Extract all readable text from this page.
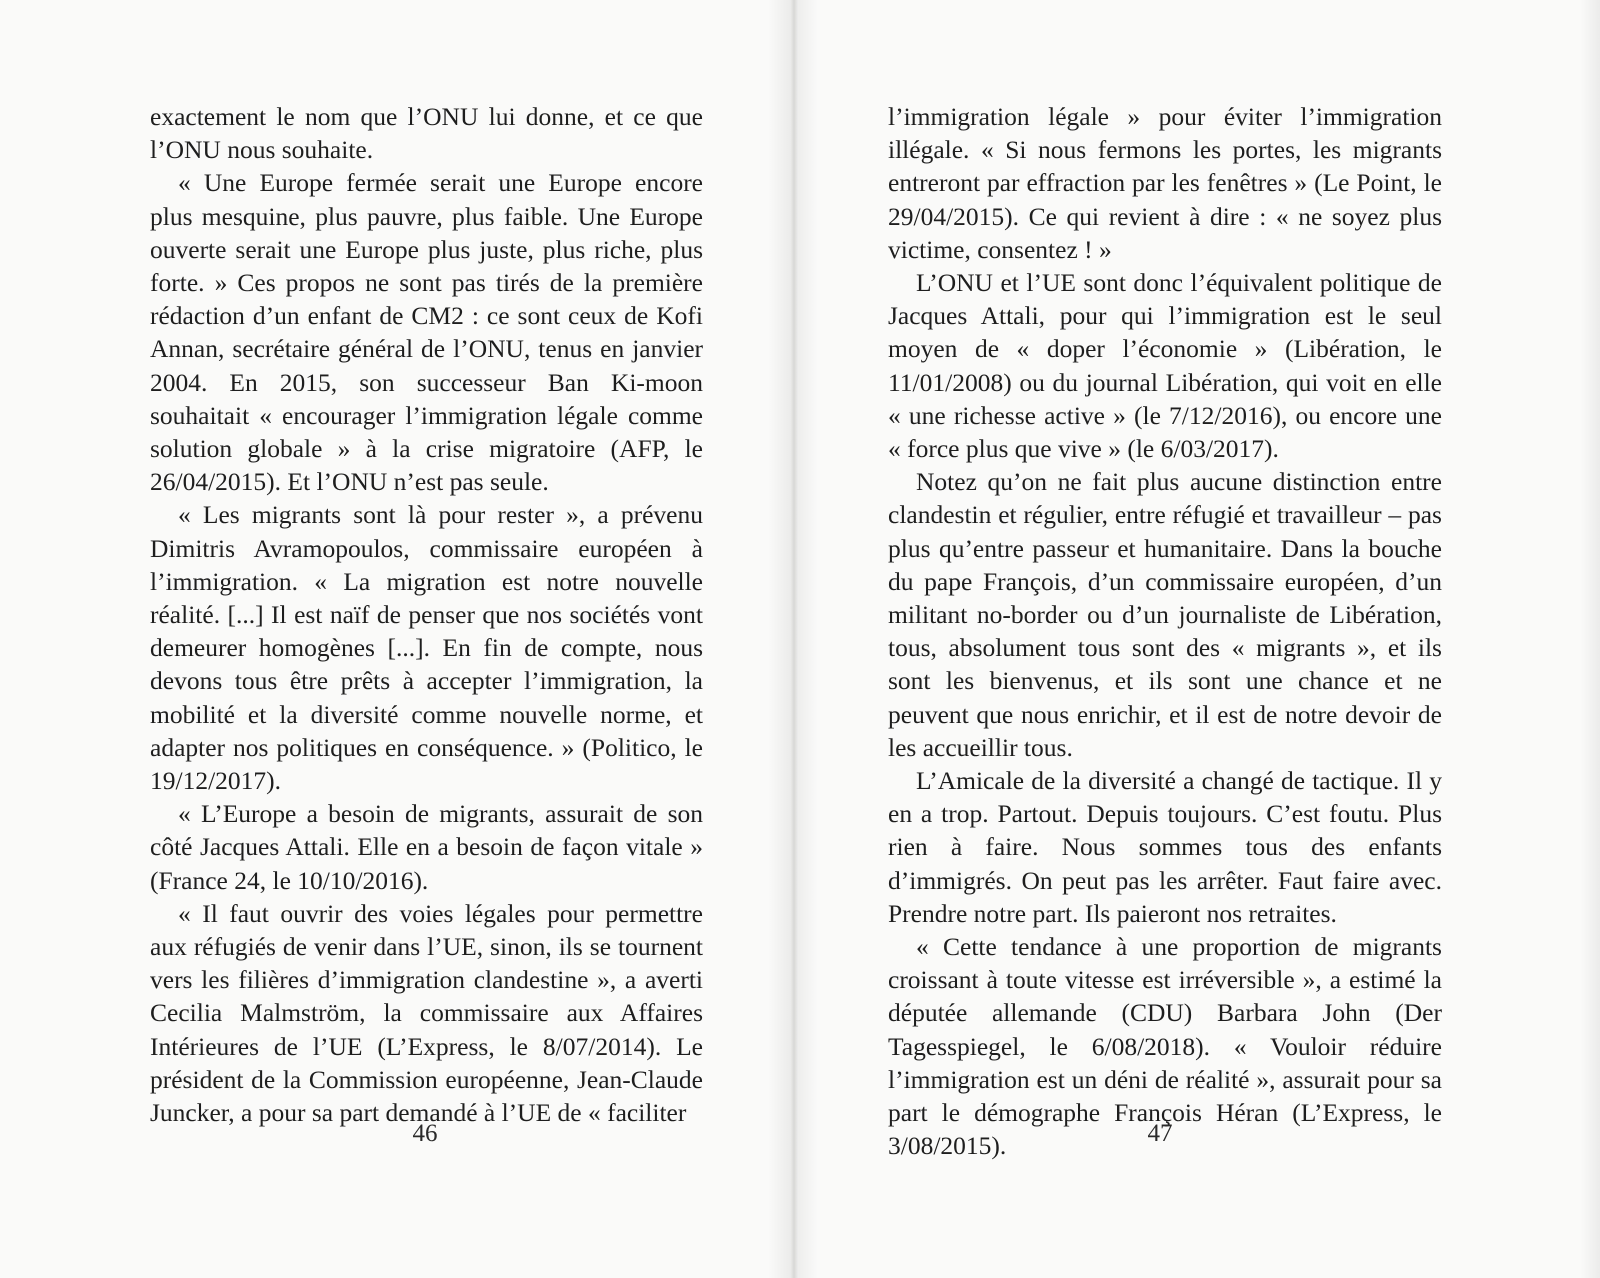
exactement le nom que l’ONU lui donne, et ce que l’ONU nous souhaite.

« Une Europe fermée serait une Europe encore plus mesquine, plus pauvre, plus faible. Une Europe ouverte serait une Europe plus juste, plus riche, plus forte. » Ces propos ne sont pas tirés de la première rédaction d’un enfant de CM2 : ce sont ceux de Kofi Annan, secrétaire général de l’ONU, tenus en janvier 2004. En 2015, son successeur Ban Ki-moon souhaitait « encourager l’immigration légale comme solution globale » à la crise migratoire (AFP, le 26/04/2015). Et l’ONU n’est pas seule.

« Les migrants sont là pour rester », a prévenu Dimitris Avramopoulos, commissaire européen à l’immigration. « La migration est notre nouvelle réalité. [...] Il est naïf de penser que nos sociétés vont demeurer homogènes [...]. En fin de compte, nous devons tous être prêts à accepter l’immigration, la mobilité et la diversité comme nouvelle norme, et adapter nos politiques en conséquence. » (Politico, le 19/12/2017).

« L’Europe a besoin de migrants, assurait de son côté Jacques Attali. Elle en a besoin de façon vitale » (France 24, le 10/10/2016).

« Il faut ouvrir des voies légales pour permettre aux réfugiés de venir dans l’UE, sinon, ils se tournent vers les filières d’immigration clandestine », a averti Cecilia Malmström, la commissaire aux Affaires Intérieures de l’UE (L’Express, le 8/07/2014). Le président de la Commission européenne, Jean-Claude Juncker, a pour sa part demandé à l’UE de « faciliter

46

l’immigration légale » pour éviter l’immigration illégale. « Si nous fermons les portes, les migrants entreront par effraction par les fenêtres » (Le Point, le 29/04/2015). Ce qui revient à dire : « ne soyez plus victime, consentez ! »

L’ONU et l’UE sont donc l’équivalent politique de Jacques Attali, pour qui l’immigration est le seul moyen de « doper l’économie » (Libération, le 11/01/2008) ou du journal Libération, qui voit en elle « une richesse active » (le 7/12/2016), ou encore une « force plus que vive » (le 6/03/2017).

Notez qu’on ne fait plus aucune distinction entre clandestin et régulier, entre réfugié et travailleur – pas plus qu’entre passeur et humanitaire. Dans la bouche du pape François, d’un commissaire européen, d’un militant no-border ou d’un journaliste de Libération, tous, absolument tous sont des « migrants », et ils sont les bienvenus, et ils sont une chance et ne peuvent que nous enrichir, et il est de notre devoir de les accueillir tous.

L’Amicale de la diversité a changé de tactique. Il y en a trop. Partout. Depuis toujours. C’est foutu. Plus rien à faire. Nous sommes tous des enfants d’immigrés. On peut pas les arrêter. Faut faire avec. Prendre notre part. Ils paieront nos retraites.

« Cette tendance à une proportion de migrants croissant à toute vitesse est irréversible », a estimé la députée allemande (CDU) Barbara John (Der Tagesspiegel, le 6/08/2018). « Vouloir réduire l’immigration est un déni de réalité », assurait pour sa part le démographe François Héran (L’Express, le 3/08/2015).	47
